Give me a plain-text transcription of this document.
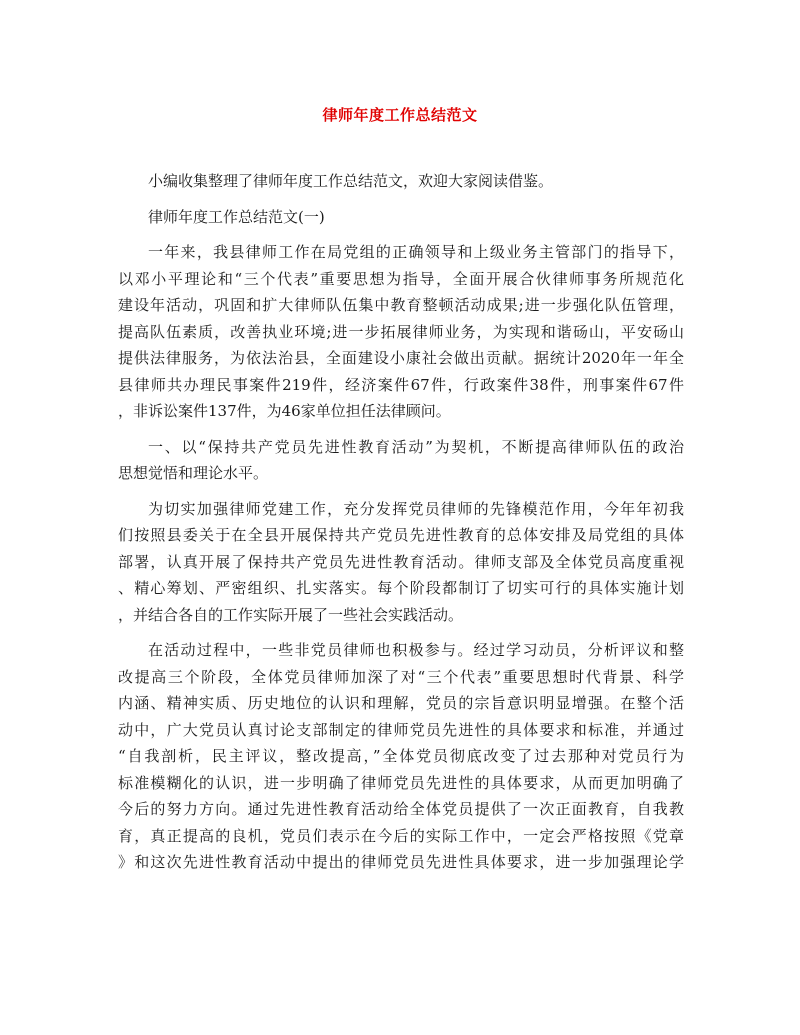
律师年度工作总结范文
小编收集整理了律师年度工作总结范文，欢迎大家阅读借鉴。
律师年度工作总结范文(一)
一年来，我县律师工作在局党组的正确领导和上级业务主管部门的指导下，
以邓小平理论和“三个代表”重要思想为指导，全面开展合伙律师事务所规范化
建设年活动，巩固和扩大律师队伍集中教育整顿活动成果;进一步强化队伍管理，
提高队伍素质，改善执业环境;进一步拓展律师业务，为实现和谐砀山，平安砀山
提供法律服务，为依法治县，全面建设小康社会做出贡献。据统计2020年一年全
县律师共办理民事案件219件，经济案件67件，行政案件38件，刑事案件67件
，非诉讼案件137件，为46家单位担任法律顾问。
一、以“保持共产党员先进性教育活动”为契机，不断提高律师队伍的政治
思想觉悟和理论水平。
为切实加强律师党建工作，充分发挥党员律师的先锋模范作用，今年年初我
们按照县委关于在全县开展保持共产党员先进性教育的总体安排及局党组的具体
部署，认真开展了保持共产党员先进性教育活动。律师支部及全体党员高度重视
、精心筹划、严密组织、扎实落实。每个阶段都制订了切实可行的具体实施计划
，并结合各自的工作实际开展了一些社会实践活动。
在活动过程中，一些非党员律师也积极参与。经过学习动员，分析评议和整
改提高三个阶段，全体党员律师加深了对“三个代表”重要思想时代背景、科学
内涵、精神实质、历史地位的认识和理解，党员的宗旨意识明显增强。在整个活
动中，广大党员认真讨论支部制定的律师党员先进性的具体要求和标准，并通过
“自我剖析，民主评议，整改提高，”全体党员彻底改变了过去那种对党员行为
标准模糊化的认识，进一步明确了律师党员先进性的具体要求，从而更加明确了
今后的努力方向。通过先进性教育活动给全体党员提供了一次正面教育，自我教
育，真正提高的良机，党员们表示在今后的实际工作中，一定会严格按照《党章
》和这次先进性教育活动中提出的律师党员先进性具体要求，进一步加强理论学
